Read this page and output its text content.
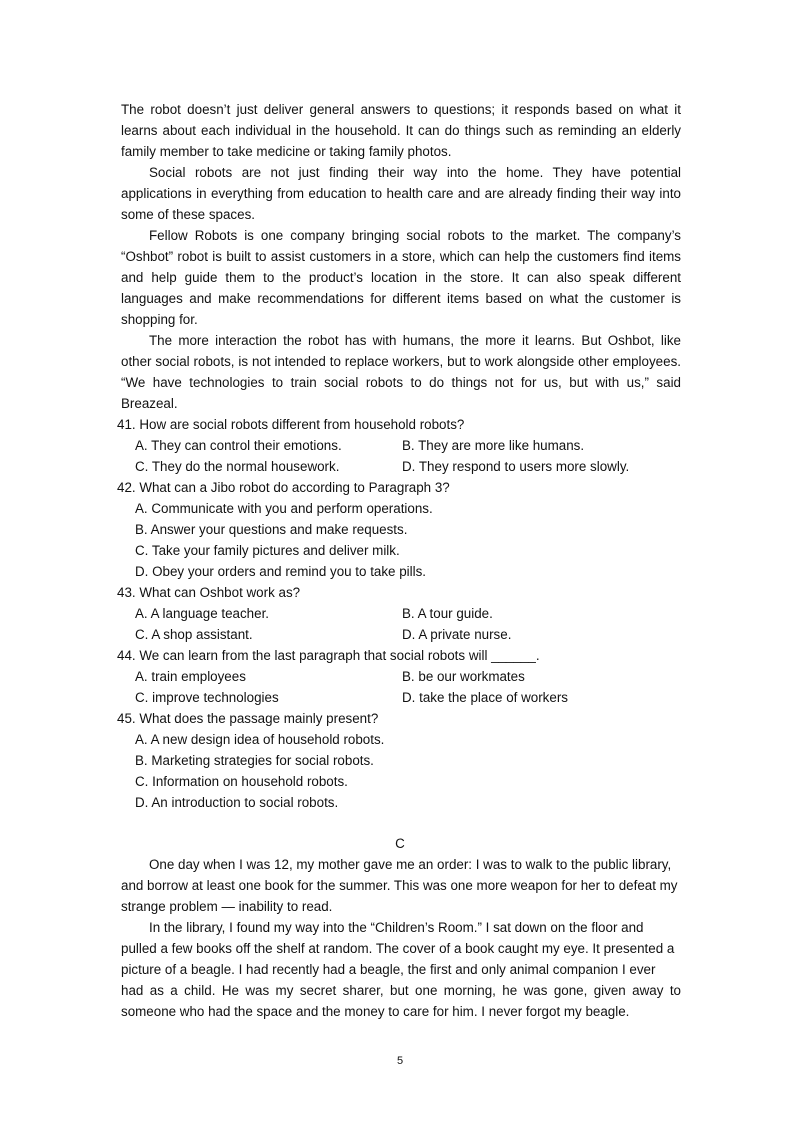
The robot doesn’t just deliver general answers to questions; it responds based on what it
learns about each individual in the household. It can do things such as reminding an elderly
family member to take medicine or taking family photos.
Social robots are not just finding their way into the home. They have potential
applications in everything from education to health care and are already finding their way into
some of these spaces.
Fellow Robots is one company bringing social robots to the market. The company’s
“Oshbot” robot is built to assist customers in a store, which can help the customers find items
and help guide them to the product’s location in the store. It can also speak different
languages and make recommendations for different items based on what the customer is
shopping for.
The more interaction the robot has with humans, the more it learns. But Oshbot, like
other social robots, is not intended to replace workers, but to work alongside other employees.
“We have technologies to train social robots to do things not for us, but with us,” said
Breazeal.
41. How are social robots different from household robots?
A. They can control their emotions.	B. They are more like humans.
C. They do the normal housework.	D. They respond to users more slowly.
42. What can a Jibo robot do according to Paragraph 3?
A. Communicate with you and perform operations.
B. Answer your questions and make requests.
C. Take your family pictures and deliver milk.
D. Obey your orders and remind you to take pills.
43. What can Oshbot work as?
A. A language teacher.	B. A tour guide.
C. A shop assistant.	D. A private nurse.
44. We can learn from the last paragraph that social robots will ______.
A. train employees	B. be our workmates
C. improve technologies	D. take the place of workers
45. What does the passage mainly present?
A. A new design idea of household robots.
B. Marketing strategies for social robots.
C. Information on household robots.
D. An introduction to social robots.
C
One day when I was 12, my mother gave me an order: I was to walk to the public library,
and borrow at least one book for the summer. This was one more weapon for her to defeat my
strange problem — inability to read.
In the library, I found my way into the “Children’s Room.” I sat down on the floor and
pulled a few books off the shelf at random. The cover of a book caught my eye. It presented a
picture of a beagle. I had recently had a beagle, the first and only animal companion I ever
had as a child. He was my secret sharer, but one morning, he was gone, given away to
someone who had the space and the money to care for him. I never forgot my beagle.
5
